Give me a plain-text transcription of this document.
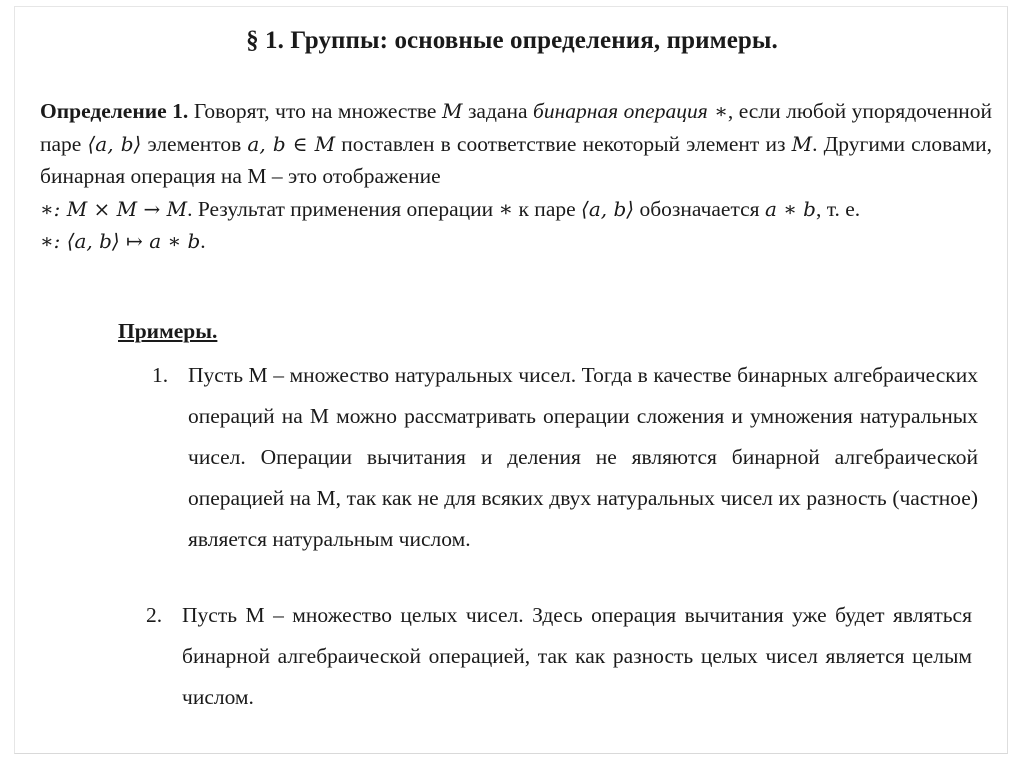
§ 1. Группы: основные определения, примеры.
Определение 1. Говорят, что на множестве M задана бинарная операция ∗, если любой упорядоченной паре ⟨a, b⟩ элементов a, b ∈ M поставлен в соответствие некоторый элемент из M. Другими словами, бинарная операция на М – это отображение
∗: M × M → M. Результат применения операции ∗ к паре ⟨a, b⟩ обозначается a ∗ b, т. е.
∗: ⟨a, b⟩ ↦ a ∗ b.
Примеры.
1. Пусть М – множество натуральных чисел. Тогда в качестве бинарных алгебраических операций на М можно рассматривать операции сложения и умножения натуральных чисел. Операции вычитания и деления не являются бинарной алгебраической операцией на М, так как не для всяких двух натуральных чисел их разность (частное) является натуральным числом.
2. Пусть М – множество целых чисел. Здесь операция вычитания уже будет являться бинарной алгебраической операцией, так как разность целых чисел является целым числом.
